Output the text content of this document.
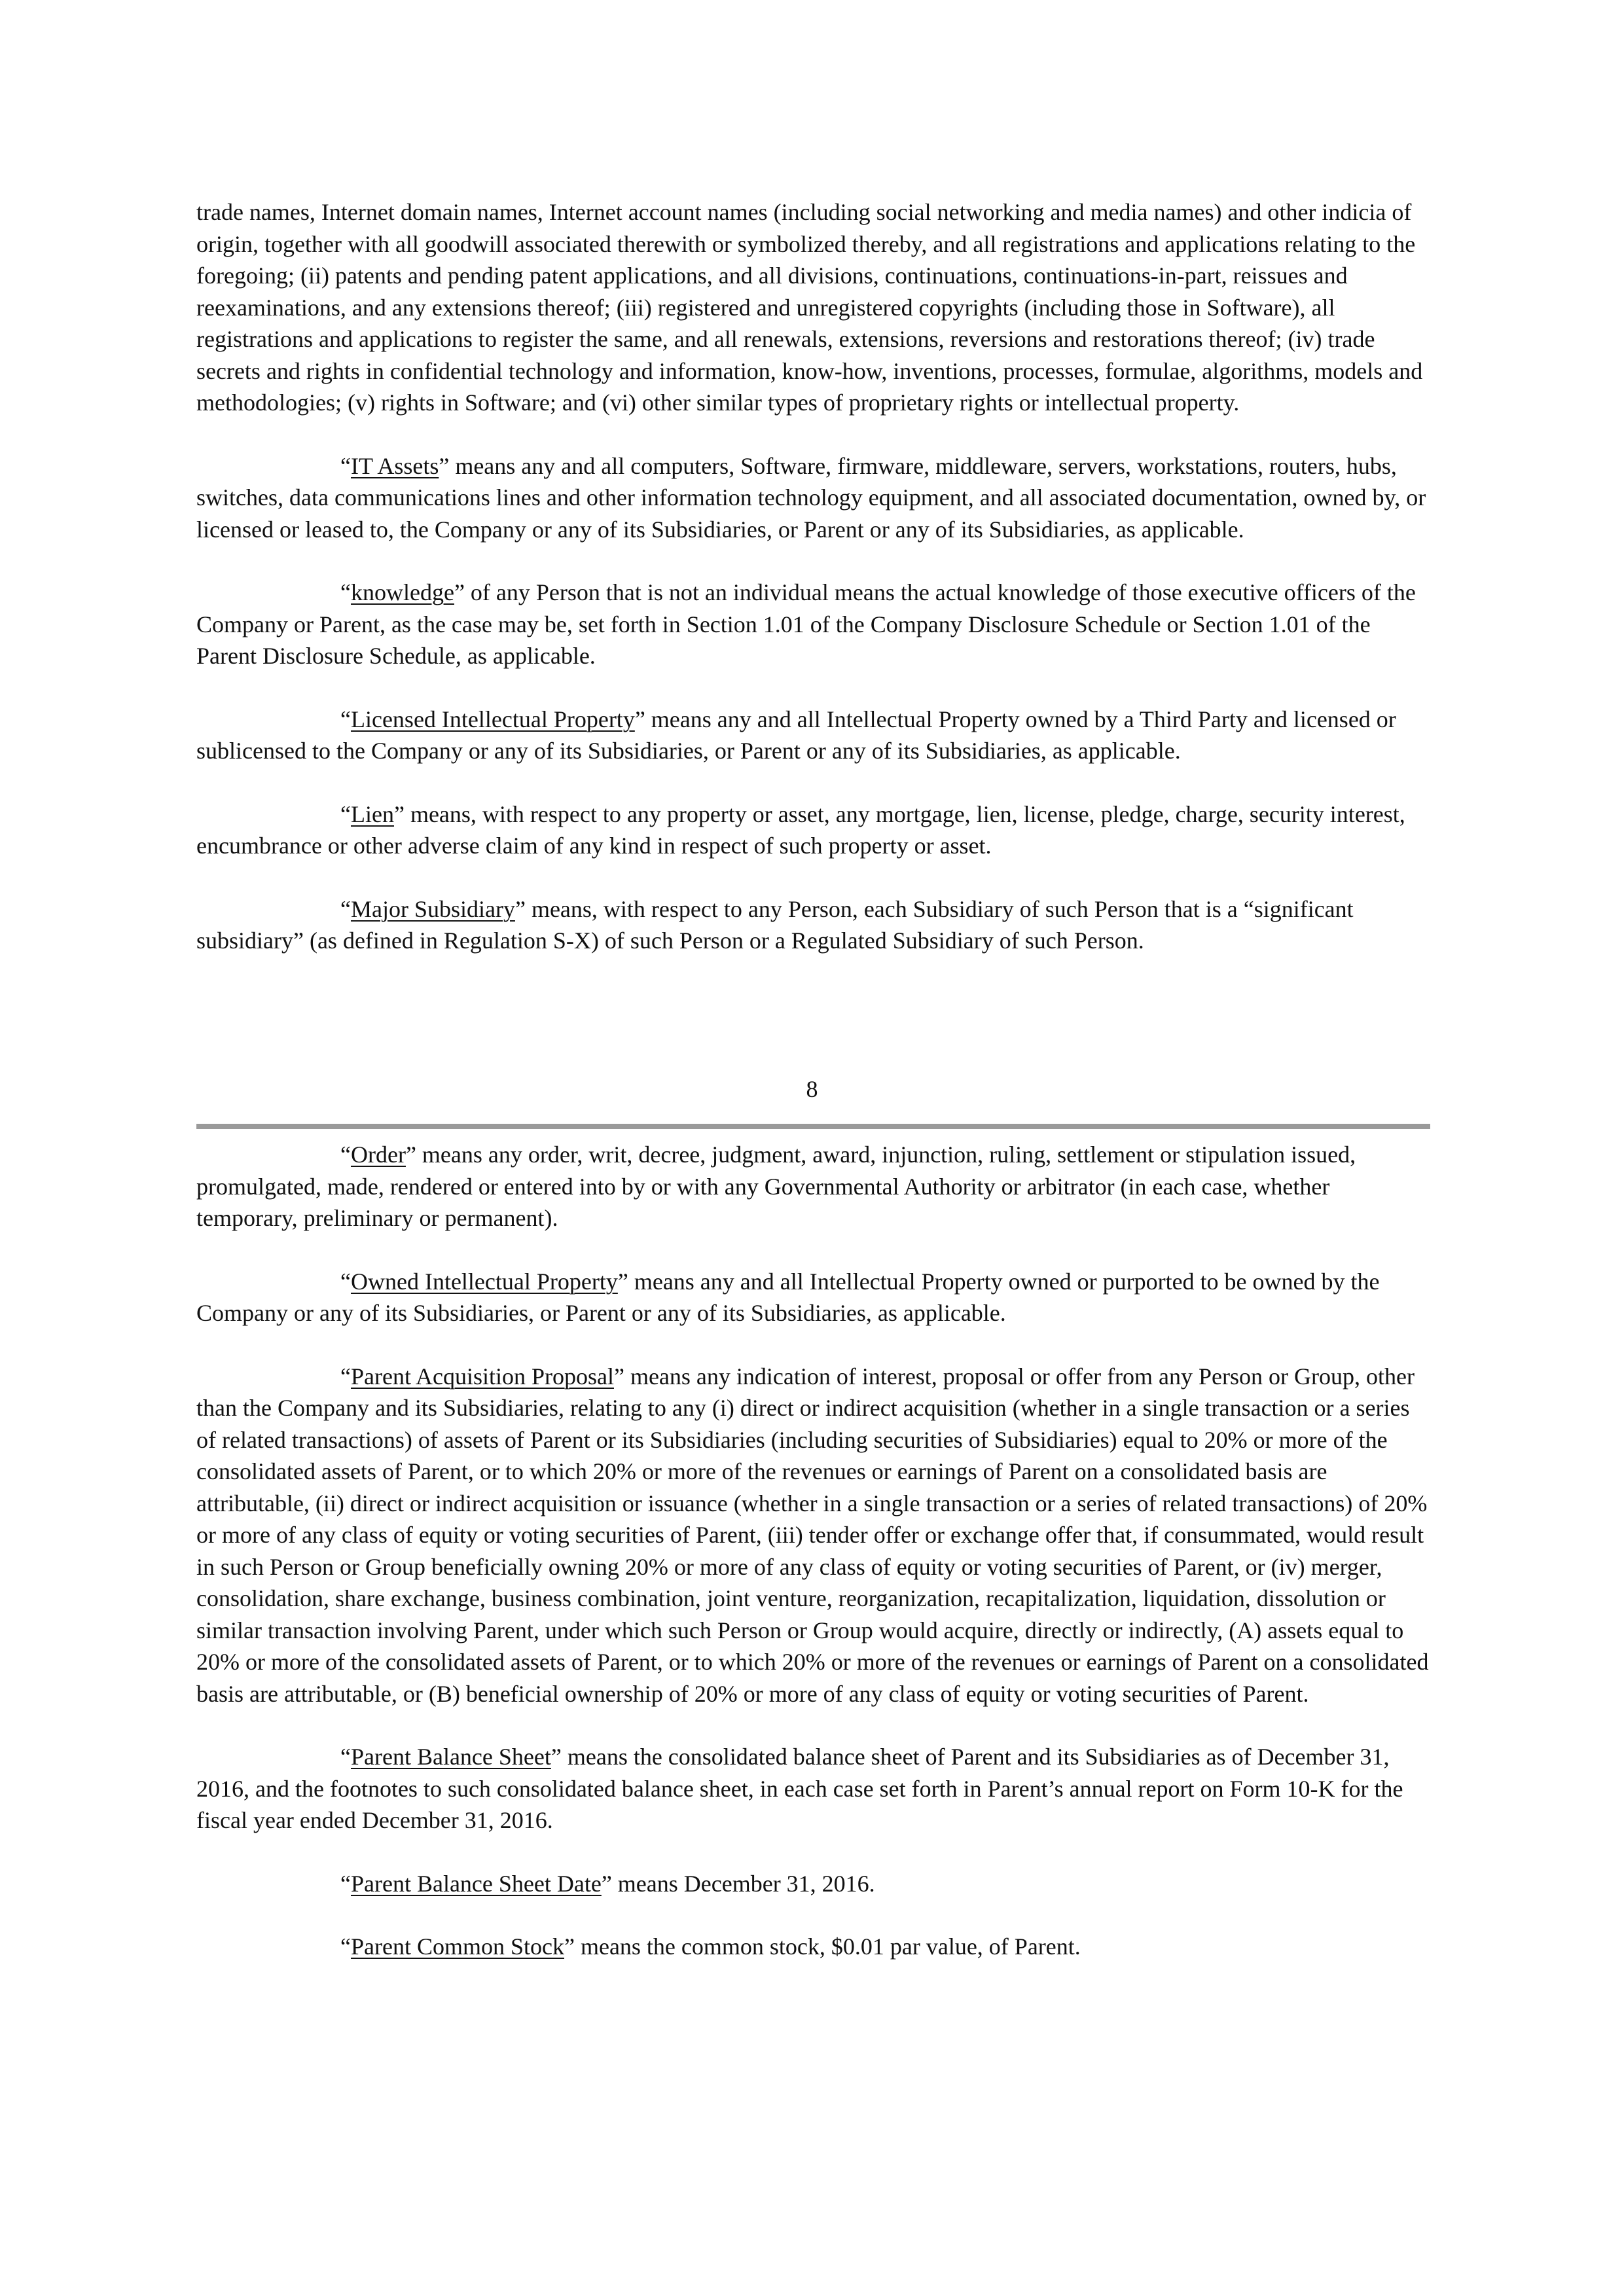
trade names, Internet domain names, Internet account names (including social networking and media names) and other indicia of origin, together with all goodwill associated therewith or symbolized thereby, and all registrations and applications relating to the foregoing; (ii) patents and pending patent applications, and all divisions, continuations, continuations-in-part, reissues and reexaminations, and any extensions thereof; (iii) registered and unregistered copyrights (including those in Software), all registrations and applications to register the same, and all renewals, extensions, reversions and restorations thereof; (iv) trade secrets and rights in confidential technology and information, know-how, inventions, processes, formulae, algorithms, models and methodologies; (v) rights in Software; and (vi) other similar types of proprietary rights or intellectual property.

“IT Assets” means any and all computers, Software, firmware, middleware, servers, workstations, routers, hubs, switches, data communications lines and other information technology equipment, and all associated documentation, owned by, or licensed or leased to, the Company or any of its Subsidiaries, or Parent or any of its Subsidiaries, as applicable.

“knowledge” of any Person that is not an individual means the actual knowledge of those executive officers of the Company or Parent, as the case may be, set forth in Section 1.01 of the Company Disclosure Schedule or Section 1.01 of the Parent Disclosure Schedule, as applicable.

“Licensed Intellectual Property” means any and all Intellectual Property owned by a Third Party and licensed or sublicensed to the Company or any of its Subsidiaries, or Parent or any of its Subsidiaries, as applicable.

“Lien” means, with respect to any property or asset, any mortgage, lien, license, pledge, charge, security interest, encumbrance or other adverse claim of any kind in respect of such property or asset.

“Major Subsidiary” means, with respect to any Person, each Subsidiary of such Person that is a “significant subsidiary” (as defined in Regulation S-X) of such Person or a Regulated Subsidiary of such Person.

8

“Order” means any order, writ, decree, judgment, award, injunction, ruling, settlement or stipulation issued, promulgated, made, rendered or entered into by or with any Governmental Authority or arbitrator (in each case, whether temporary, preliminary or permanent).

“Owned Intellectual Property” means any and all Intellectual Property owned or purported to be owned by the Company or any of its Subsidiaries, or Parent or any of its Subsidiaries, as applicable.

“Parent Acquisition Proposal” means any indication of interest, proposal or offer from any Person or Group, other than the Company and its Subsidiaries, relating to any (i) direct or indirect acquisition (whether in a single transaction or a series of related transactions) of assets of Parent or its Subsidiaries (including securities of Subsidiaries) equal to 20% or more of the consolidated assets of Parent, or to which 20% or more of the revenues or earnings of Parent on a consolidated basis are attributable, (ii) direct or indirect acquisition or issuance (whether in a single transaction or a series of related transactions) of 20% or more of any class of equity or voting securities of Parent, (iii) tender offer or exchange offer that, if consummated, would result in such Person or Group beneficially owning 20% or more of any class of equity or voting securities of Parent, or (iv) merger, consolidation, share exchange, business combination, joint venture, reorganization, recapitalization, liquidation, dissolution or similar transaction involving Parent, under which such Person or Group would acquire, directly or indirectly, (A) assets equal to 20% or more of the consolidated assets of Parent, or to which 20% or more of the revenues or earnings of Parent on a consolidated basis are attributable, or (B) beneficial ownership of 20% or more of any class of equity or voting securities of Parent.

“Parent Balance Sheet” means the consolidated balance sheet of Parent and its Subsidiaries as of December 31, 2016, and the footnotes to such consolidated balance sheet, in each case set forth in Parent’s annual report on Form 10-K for the fiscal year ended December 31, 2016.

“Parent Balance Sheet Date” means December 31, 2016.

“Parent Common Stock” means the common stock, $0.01 par value, of Parent.
